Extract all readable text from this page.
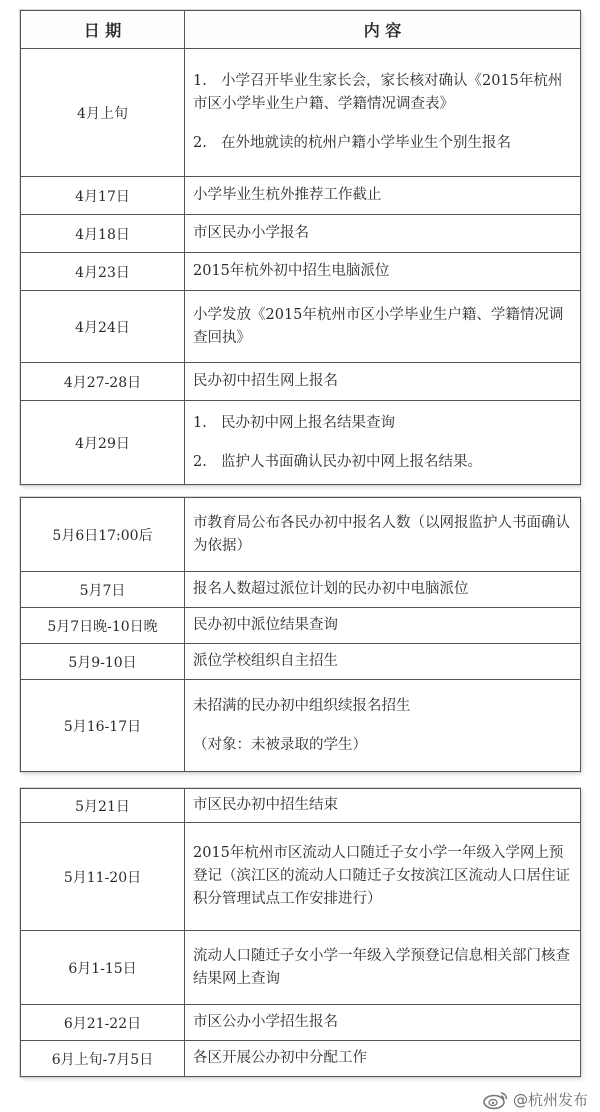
日 期	内 容
4月上旬	1. 小学召开毕业生家长会，家长核对确认《2015年杭州市区小学毕业生户籍、学籍情况调查表》

2. 在外地就读的杭州户籍小学毕业生个别生报名

4月17日	小学毕业生杭外推荐工作截止
4月18日	市区民办小学报名
4月23日	2015年杭外初中招生电脑派位
4月24日	小学发放《2015年杭州市区小学毕业生户籍、学籍情况调查回执》
4月27-28日	民办初中招生网上报名
4月29日	1. 民办初中网上报名结果查询

2. 监护人书面确认民办初中网上报名结果。

5月6日17:00后	市教育局公布各民办初中报名人数（以网报监护人书面确认为依据）
5月7日	报名人数超过派位计划的民办初中电脑派位
5月7日晚-10日晚	民办初中派位结果查询
5月9-10日	派位学校组织自主招生
5月16-17日	未招满的民办初中组织续报名招生

（对象：未被录取的学生）

5月21日	市区民办初中招生结束
5月11-20日	2015年杭州市区流动人口随迁子女小学一年级入学网上预登记（滨江区的流动人口随迁子女按滨江区流动人口居住证积分管理试点工作安排进行）
6月1-15日	流动人口随迁子女小学一年级入学预登记信息相关部门核查结果网上查询
6月21-22日	市区公办小学招生报名
6月上旬-7月5日	各区开展公办初中分配工作
@杭州发布
